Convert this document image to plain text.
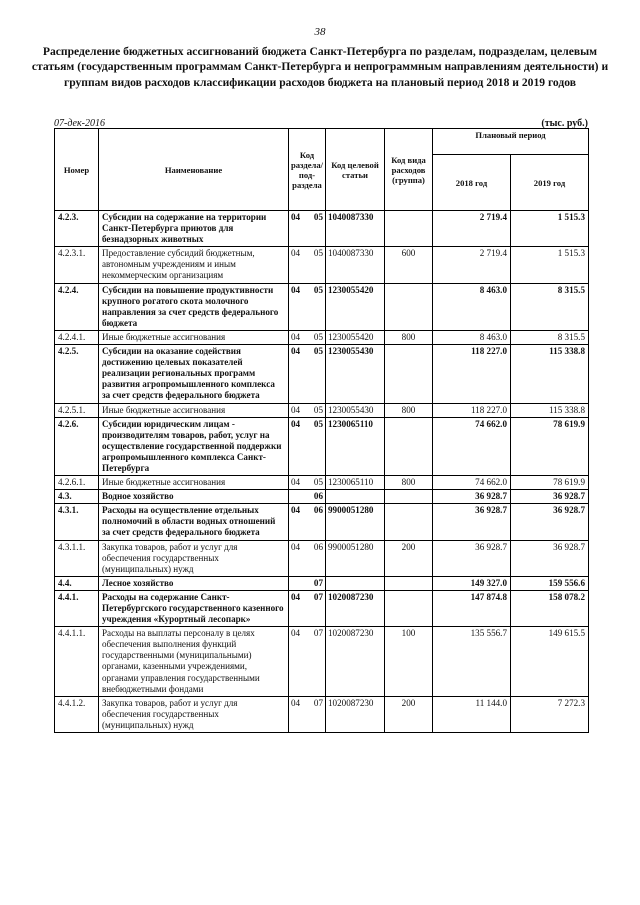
38
Распределение бюджетных ассигнований бюджета Санкт-Петербурга по разделам, подразделам, целевым статьям (государственным программам Санкт-Петербурга и непрограммным направлениям деятельности) и группам видов расходов классификации расходов бюджета на плановый период 2018 и 2019 годов
07-дек-2016	(тыс. руб.)
Номер	Наименование	Код раздела/ под- раздела		Код целевой статьи	Код вида расходов (группа)	Плановый период	
						2018 год	2019 год
4.2.3.	Субсидии на содержание на территории Санкт-Петербурга приютов для безнадзорных животных	04	05	1040087330		2 719.4	1 515.3
4.2.3.1.	Предоставление субсидий бюджетным, автономным учреждениям и иным некоммерческим организациям	04	05	1040087330	600	2 719.4	1 515.3
4.2.4.	Субсидии на повышение продуктивности крупного рогатого скота молочного направления за счет средств федерального бюджета	04	05	1230055420		8 463.0	8 315.5
4.2.4.1.	Иные бюджетные ассигнования	04	05	1230055420	800	8 463.0	8 315.5
4.2.5.	Субсидии на оказание содействия достижению целевых показателей реализации региональных программ развития агропромышленного комплекса за счет средств федерального бюджета	04	05	1230055430		118 227.0	115 338.8
4.2.5.1.	Иные бюджетные ассигнования	04	05	1230055430	800	118 227.0	115 338.8
4.2.6.	Субсидии юридическим лицам - производителям товаров, работ, услуг на осуществление государственной поддержки агропромышленного комплекса Санкт-Петербурга	04	05	1230065110		74 662.0	78 619.9
4.2.6.1.	Иные бюджетные ассигнования	04	05	1230065110	800	74 662.0	78 619.9
4.3.	Водное хозяйство		06			36 928.7	36 928.7
4.3.1.	Расходы на осуществление отдельных полномочий в области водных отношений за счет средств федерального бюджета	04	06	9900051280		36 928.7	36 928.7
4.3.1.1.	Закупка товаров, работ и услуг для обеспечения государственных (муниципальных) нужд	04	06	9900051280	200	36 928.7	36 928.7
4.4.	Лесное хозяйство		07			149 327.0	159 556.6
4.4.1.	Расходы на содержание Санкт-Петербургского государственного казенного учреждения «Курортный лесопарк»	04	07	1020087230		147 874.8	158 078.2
4.4.1.1.	Расходы на выплаты персоналу в целях обеспечения выполнения функций государственными (муниципальными) органами, казенными учреждениями, органами управления государственными внебюджетными фондами	04	07	1020087230	100	135 556.7	149 615.5
4.4.1.2.	Закупка товаров, работ и услуг для обеспечения государственных (муниципальных) нужд	04	07	1020087230	200	11 144.0	7 272.3
